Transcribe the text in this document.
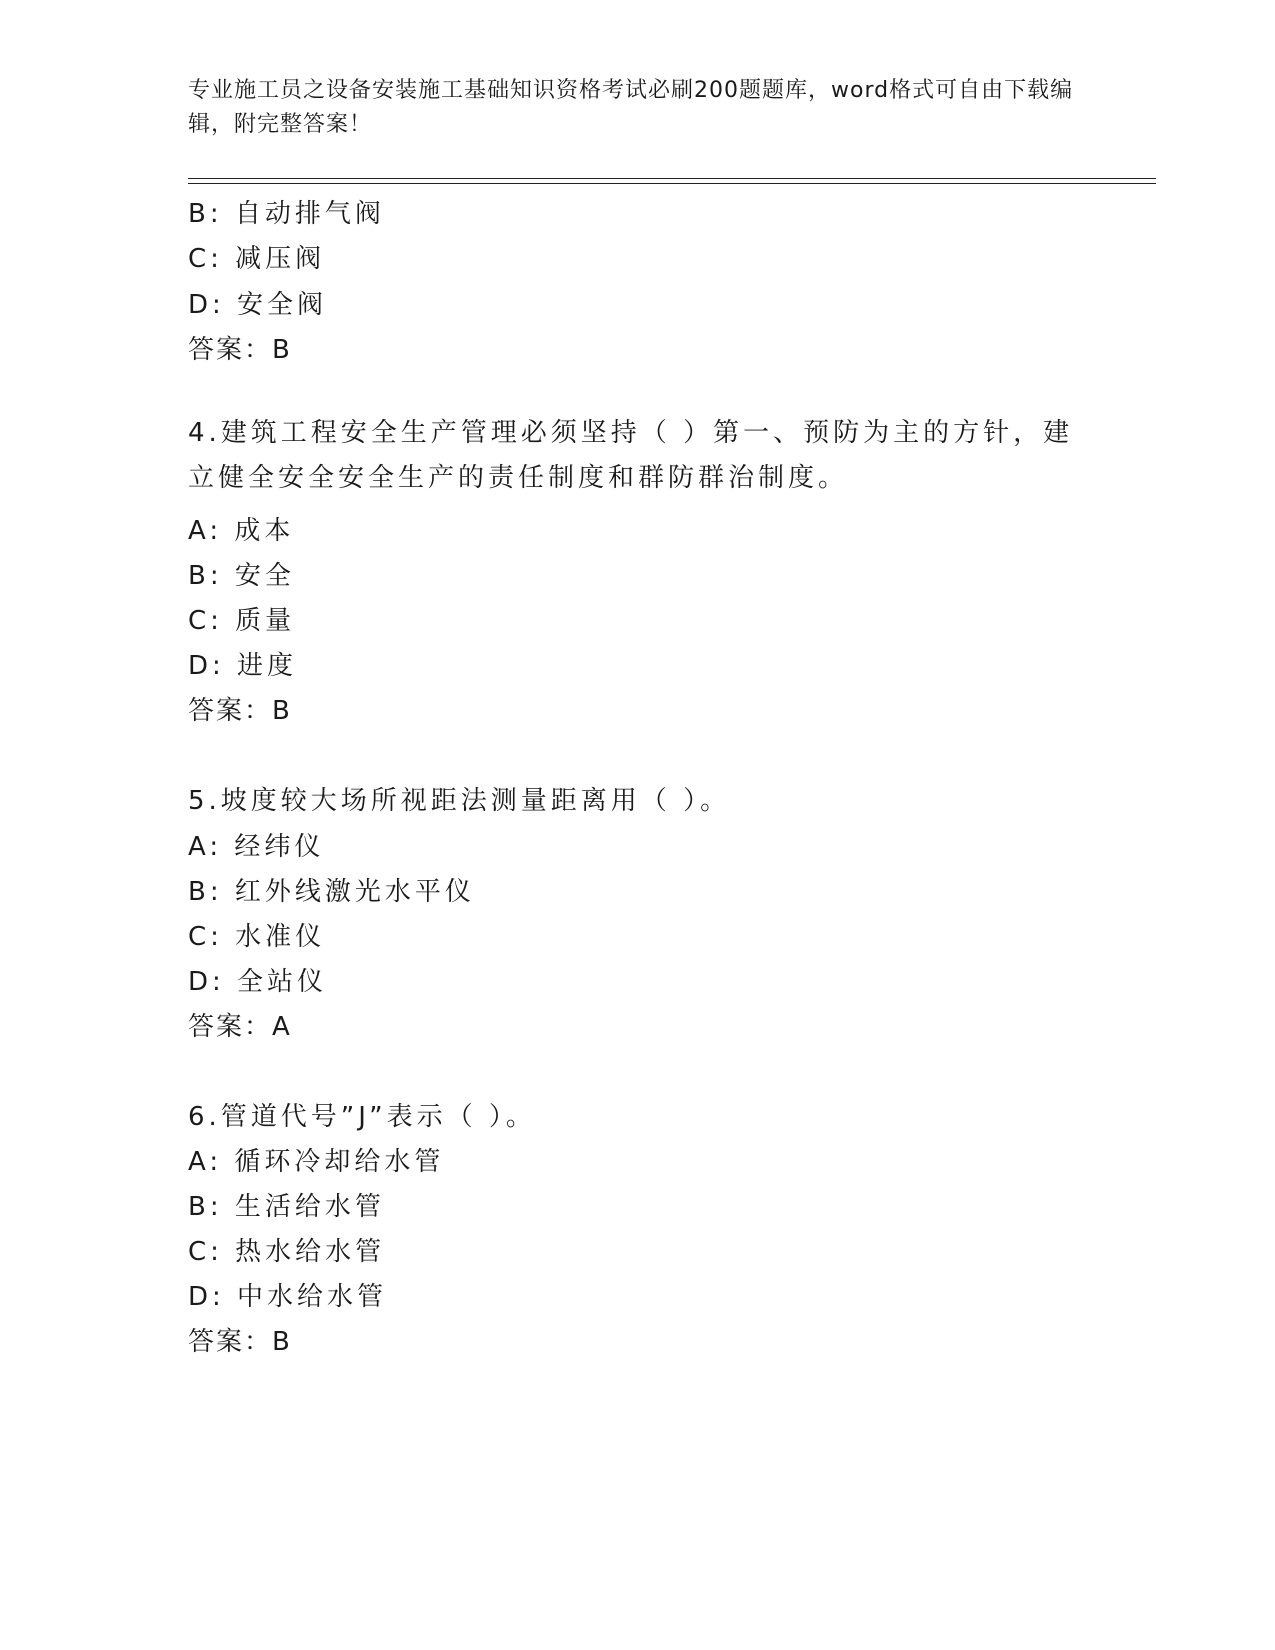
专业施工员之设备安装施工基础知识资格考试必刷200题题库，word格式可自由下载编辑，附完整答案！
B: 自动排气阀
C: 减压阀
D: 安全阀
答案：B
4.建筑工程安全生产管理必须坚持（ ）第一、预防为主的方针，建立健全安全安全生产的责任制度和群防群治制度。
A: 成本
B: 安全
C: 质量
D: 进度
答案：B
5.坡度较大场所视距法测量距离用（ ）。
A: 经纬仪
B: 红外线激光水平仪
C: 水准仪
D: 全站仪
答案：A
6.管道代号”J”表示（ ）。
A: 循环冷却给水管
B: 生活给水管
C: 热水给水管
D: 中水给水管
答案：B
